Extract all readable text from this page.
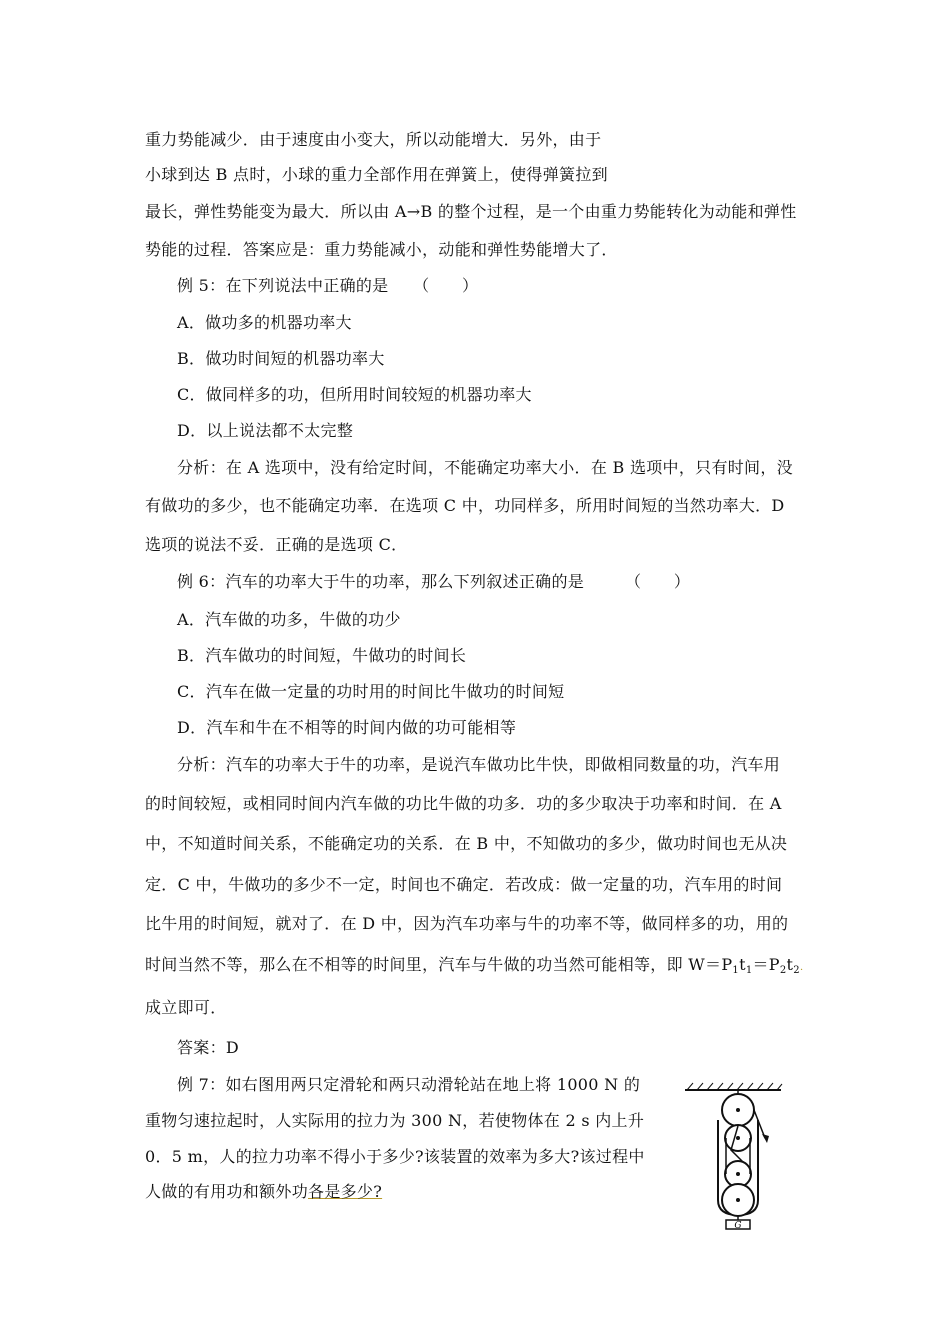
重力势能减少．由于速度由小变大，所以动能增大．另外，由于
小球到达 B 点时，小球的重力全部作用在弹簧上，使得弹簧拉到
最长，弹性势能变为最大．所以由 A→B 的整个过程，是一个由重力势能转化为动能和弹性
势能的过程．答案应是：重力势能减小，动能和弹性势能增大了．
例 5：在下列说法中正确的是　　（　　）
A．做功多的机器功率大
B．做功时间短的机器功率大
C．做同样多的功，但所用时间较短的机器功率大
D．以上说法都不太完整
分析：在 A 选项中，没有给定时间，不能确定功率大小．在 B 选项中，只有时间，没
有做功的多少，也不能确定功率．在选项 C 中，功同样多，所用时间短的当然功率大．D
选项的说法不妥．正确的是选项 C．
例 6：汽车的功率大于牛的功率，那么下列叙述正确的是　　　（　　）
A．汽车做的功多，牛做的功少
B．汽车做功的时间短，牛做功的时间长
C．汽车在做一定量的功时用的时间比牛做功的时间短
D．汽车和牛在不相等的时间内做的功可能相等
分析：汽车的功率大于牛的功率，是说汽车做功比牛快，即做相同数量的功，汽车用
的时间较短，或相同时间内汽车做的功比牛做的功多．功的多少取决于功率和时间．在 A
中，不知道时间关系，不能确定功的关系．在 B 中，不知做功的多少，做功时间也无从决
定．C 中，牛做功的多少不一定，时间也不确定．若改成：做一定量的功，汽车用的时间
比牛用的时间短，就对了．在 D 中，因为汽车功率与牛的功率不等，做同样多的功，用的
时间当然不等，那么在不相等的时间里，汽车与牛做的功当然可能相等，即 $W=P_1t_1=P_2t_2$．
成立即可．
答案：D
例 7：如右图用两只定滑轮和两只动滑轮站在地上将 1000 N 的
重物匀速拉起时，人实际用的拉力为 300 N，若使物体在 2 s 内上升
0．5 m，人的拉力功率不得小于多少?该装置的效率为多大?该过程中
人做的有用功和额外功各是多少?
G
